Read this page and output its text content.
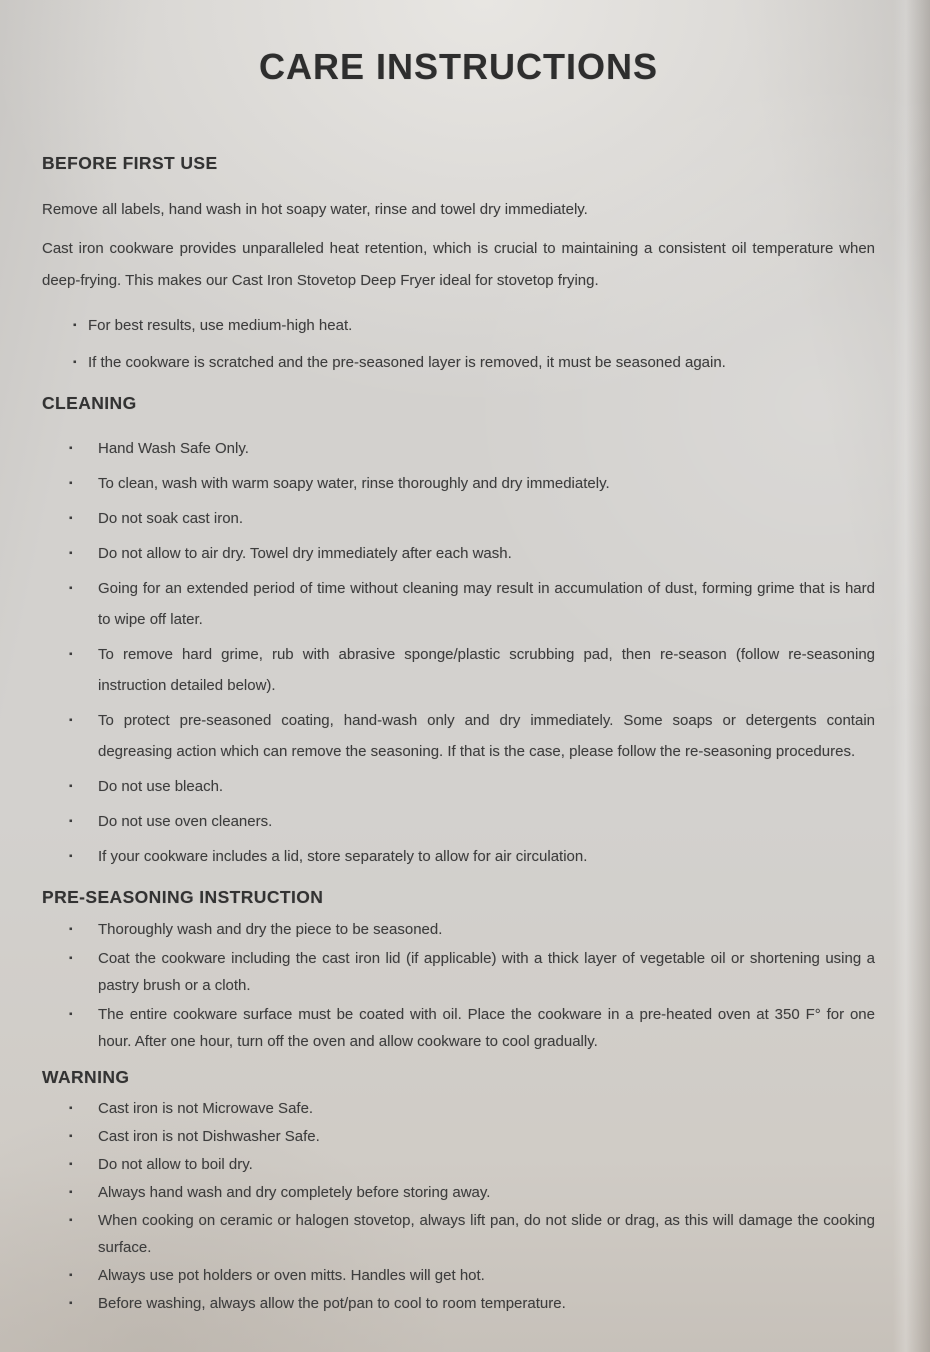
CARE INSTRUCTIONS
BEFORE FIRST USE

Remove all labels, hand wash in hot soapy water, rinse and towel dry immediately.

Cast iron cookware provides unparalleled heat retention, which is crucial to maintaining a consistent oil temperature when deep-frying. This makes our Cast Iron Stovetop Deep Fryer ideal for stovetop frying.

▪ For best results, use medium-high heat.
▪ If the cookware is scratched and the pre-seasoned layer is removed, it must be seasoned again.
CLEANING
▪ Hand Wash Safe Only.
▪ To clean, wash with warm soapy water, rinse thoroughly and dry immediately.
▪ Do not soak cast iron.
▪ Do not allow to air dry. Towel dry immediately after each wash.
▪ Going for an extended period of time without cleaning may result in accumulation of dust, forming grime that is hard to wipe off later.
▪ To remove hard grime, rub with abrasive sponge/plastic scrubbing pad, then re-season (follow re-seasoning instruction detailed below).
▪ To protect pre-seasoned coating, hand-wash only and dry immediately. Some soaps or detergents contain degreasing action which can remove the seasoning. If that is the case, please follow the re-seasoning procedures.
▪ Do not use bleach.
▪ Do not use oven cleaners.
▪ If your cookware includes a lid, store separately to allow for air circulation.
PRE-SEASONING INSTRUCTION
▪ Thoroughly wash and dry the piece to be seasoned.
▪ Coat the cookware including the cast iron lid (if applicable) with a thick layer of vegetable oil or shortening using a pastry brush or a cloth.
▪ The entire cookware surface must be coated with oil. Place the cookware in a pre-heated oven at 350 F° for one hour. After one hour, turn off the oven and allow cookware to cool gradually.
WARNING
▪ Cast iron is not Microwave Safe.
▪ Cast iron is not Dishwasher Safe.
▪ Do not allow to boil dry.
▪ Always hand wash and dry completely before storing away.
▪ When cooking on ceramic or halogen stovetop, always lift pan, do not slide or drag, as this will damage the cooking surface.
▪ Always use pot holders or oven mitts. Handles will get hot.
▪ Before washing, always allow the pot/pan to cool to room temperature.
